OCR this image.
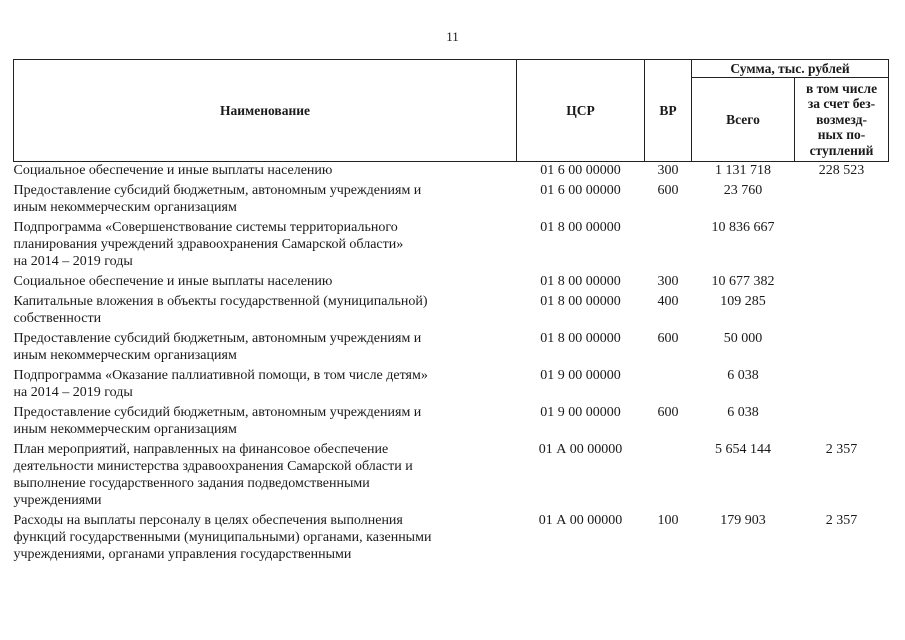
11
Наименование	ЦСР	ВР	Сумма, тыс. рублей	
			Всего	в том числе
за счет без-
возмезд-
ных по-
ступлений

Социальное обеспечение и иные выплаты населению	01 6 00 00000	300	1 131 718	228 523

Предоставление субсидий бюджетным, автономным учреждениям и
иным некоммерческим организациям	01 6 00 00000	600	23 760	

Подпрограмма «Совершенствование системы территориального
планирования учреждений здравоохранения Самарской области»
на 2014 – 2019 годы	01 8 00 00000		10 836 667	

Социальное обеспечение и иные выплаты населению	01 8 00 00000	300	10 677 382	

Капитальные вложения в объекты государственной (муниципальной)
собственности	01 8 00 00000	400	109 285	

Предоставление субсидий бюджетным, автономным учреждениям и
иным некоммерческим организациям	01 8 00 00000	600	50 000	

Подпрограмма «Оказание паллиативной помощи, в том числе детям»
на 2014 – 2019 годы	01 9 00 00000		6 038	

Предоставление субсидий бюджетным, автономным учреждениям и
иным некоммерческим организациям	01 9 00 00000	600	6 038	

План мероприятий, направленных на финансовое обеспечение
деятельности министерства здравоохранения Самарской области и
выполнение государственного задания подведомственными
учреждениями	01 А 00 00000		5 654 144	2 357

Расходы на выплаты персоналу в целях обеспечения выполнения
функций государственными (муниципальными) органами, казенными
учреждениями, органами управления государственными	01 А 00 00000	100	179 903	2 357
